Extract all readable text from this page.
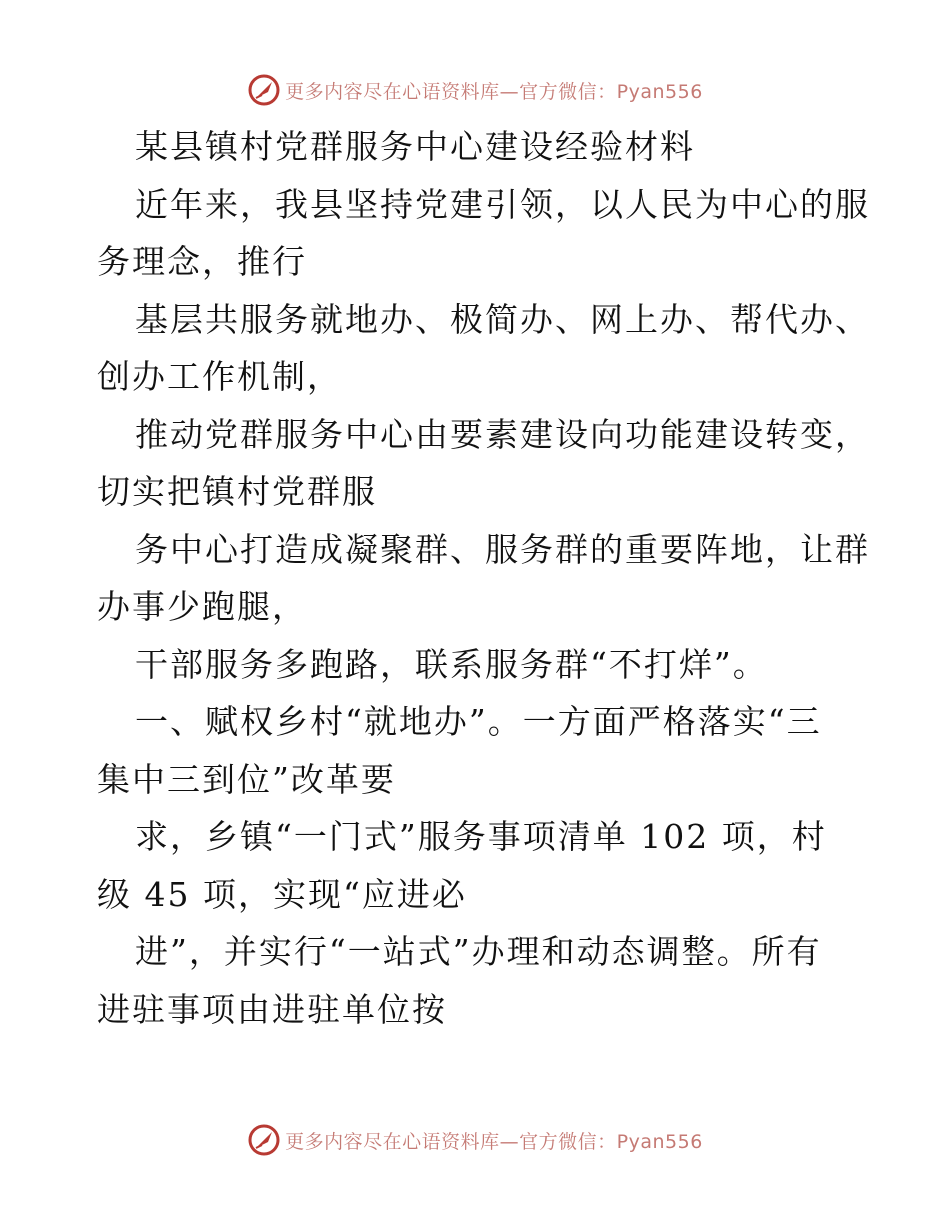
更多内容尽在心语资料库—官方微信：Pyan556
某县镇村党群服务中心建设经验材料
近年来，我县坚持党建引领，以人民为中心的服
务理念，推行
基层共服务就地办、极简办、网上办、帮代办、
创办工作机制，
推动党群服务中心由要素建设向功能建设转变，
切实把镇村党群服
务中心打造成凝聚群、服务群的重要阵地，让群
办事少跑腿，
干部服务多跑路，联系服务群“不打烊”。
一、赋权乡村“就地办”。一方面严格落实“三
集中三到位”改革要
求，乡镇“一门式”服务事项清单 102 项，村
级 45 项，实现“应进必
进”，并实行“一站式”办理和动态调整。所有
进驻事项由进驻单位按
更多内容尽在心语资料库—官方微信：Pyan556
